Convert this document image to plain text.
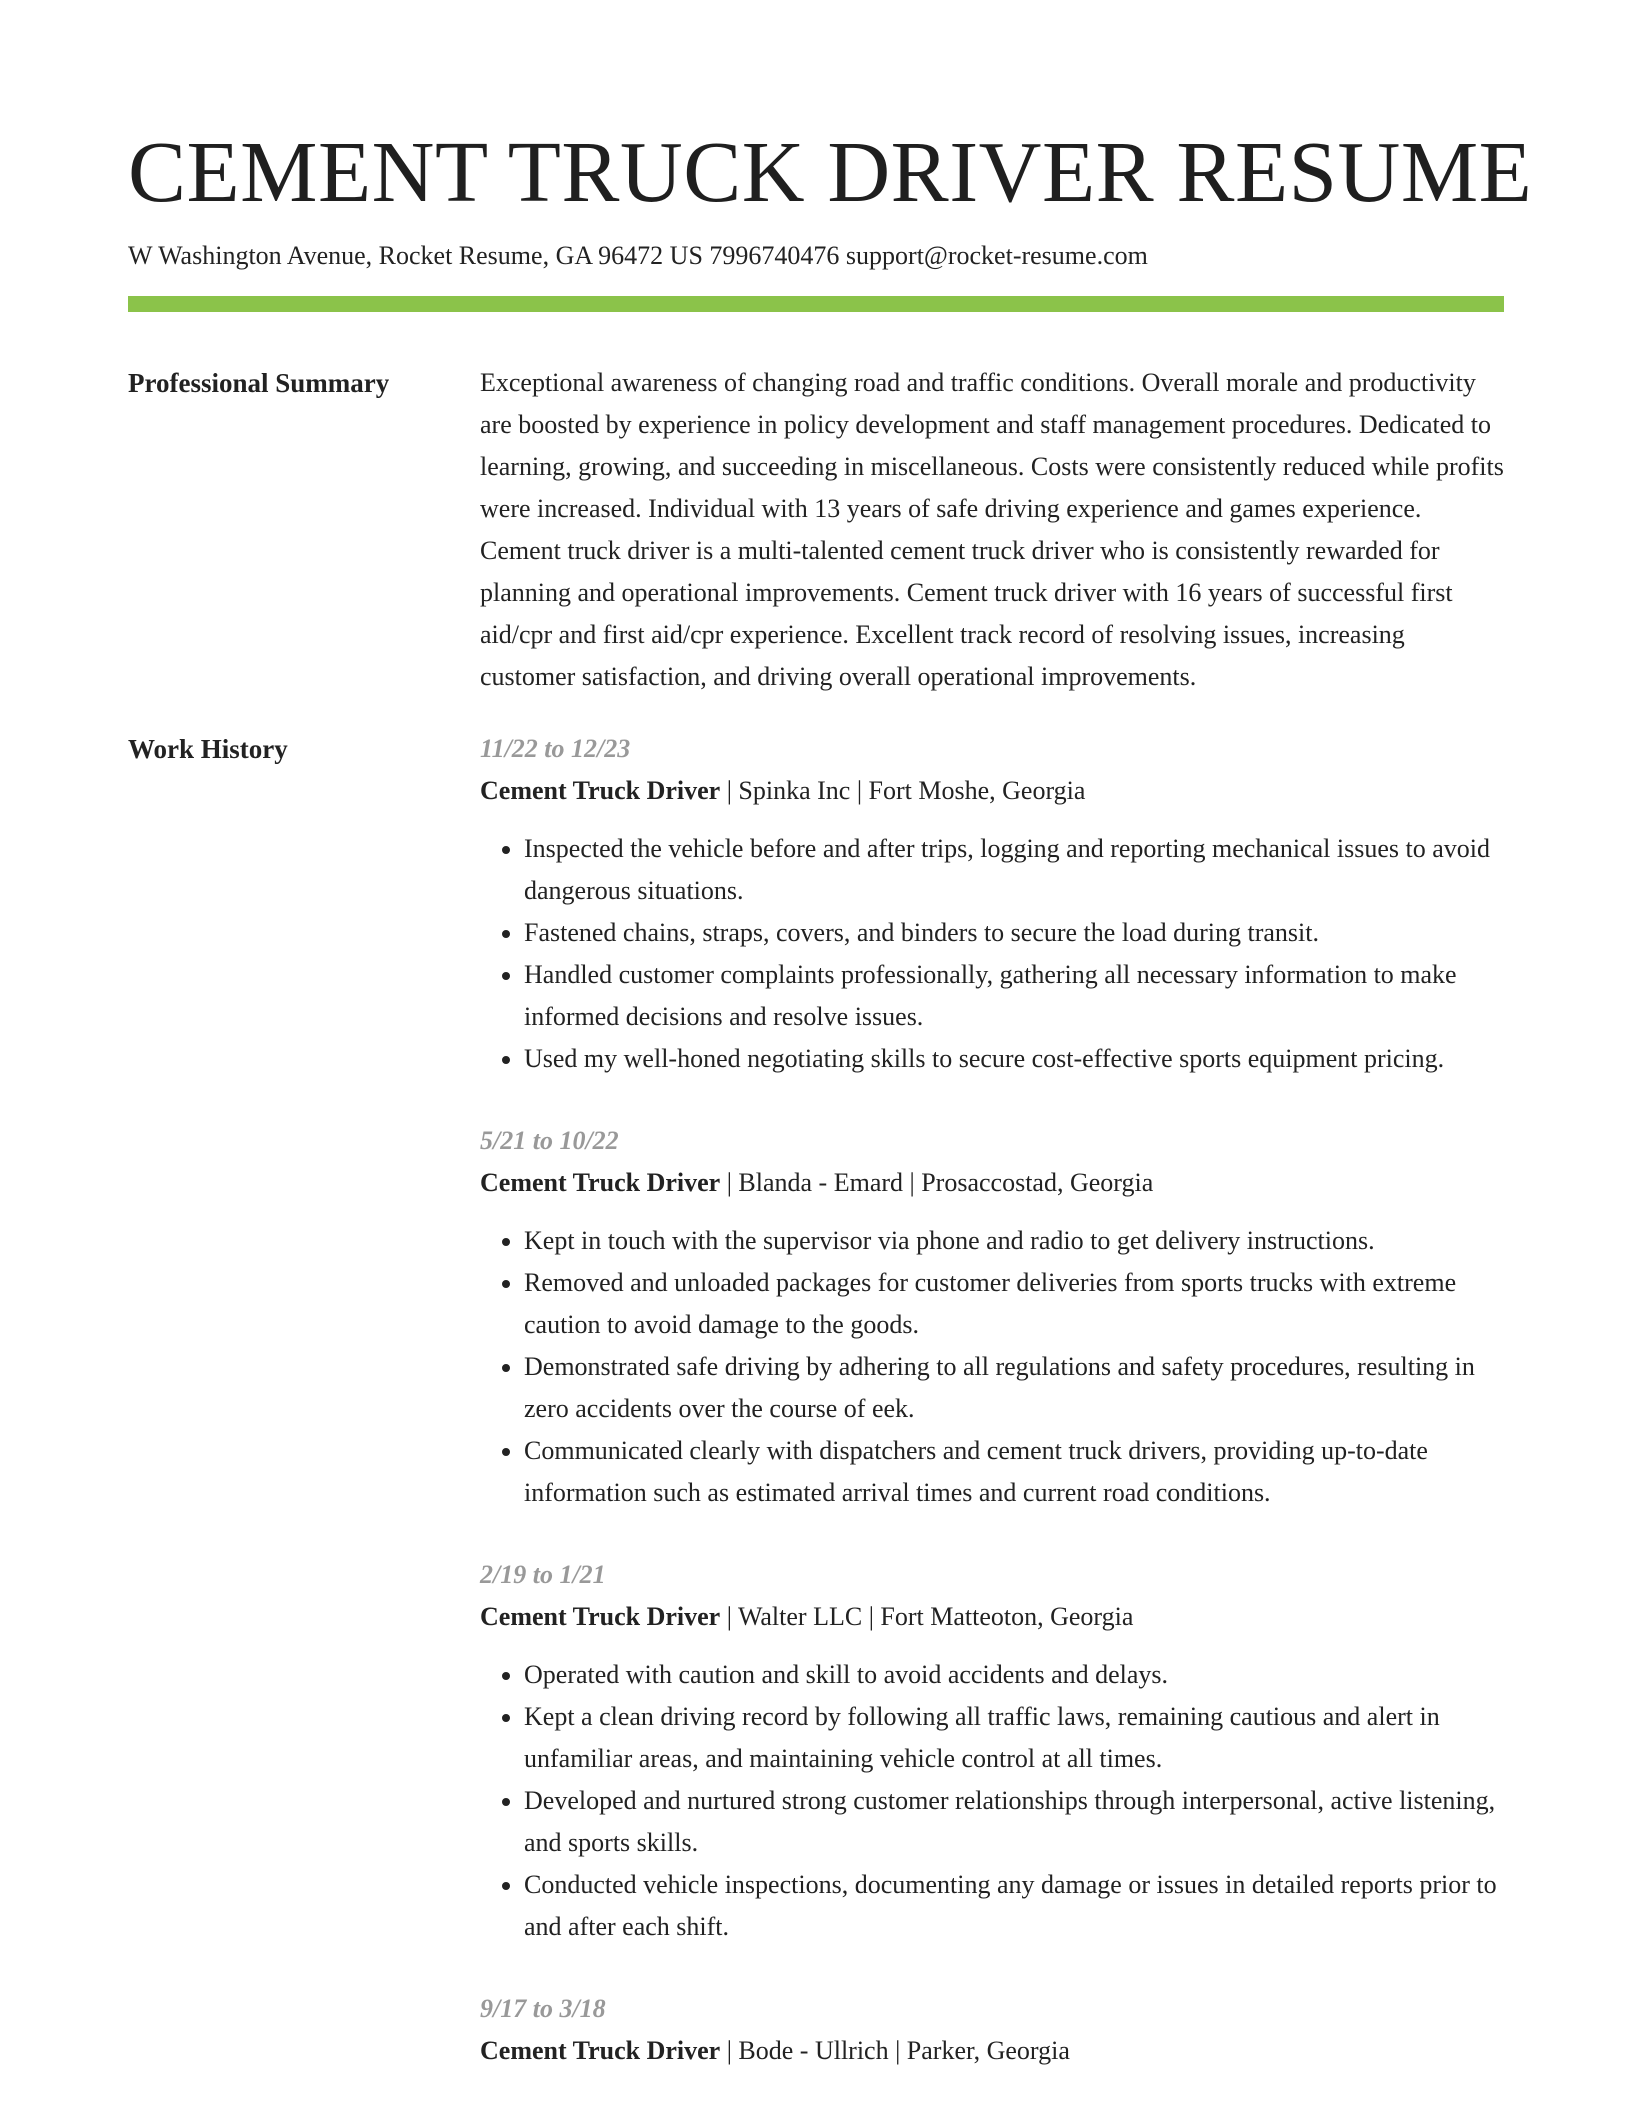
CEMENT TRUCK DRIVER RESUME
W Washington Avenue, Rocket Resume, GA 96472 US 7996740476 support@rocket-resume.com
Professional Summary	Exceptional awareness of changing road and traffic conditions. Overall morale and productivity are boosted by experience in policy development and staff management procedures. Dedicated to learning, growing, and succeeding in miscellaneous. Costs were consistently reduced while profits were increased. Individual with 13 years of safe driving experience and games experience. Cement truck driver is a multi-talented cement truck driver who is consistently rewarded for planning and operational improvements. Cement truck driver with 16 years of successful first aid/cpr and first aid/cpr experience. Excellent track record of resolving issues, increasing customer satisfaction, and driving overall operational improvements.

Work History	11/22 to 12/23
Cement Truck Driver | Spinka Inc | Fort Moshe, Georgia
• Inspected the vehicle before and after trips, logging and reporting mechanical issues to avoid dangerous situations.
• Fastened chains, straps, covers, and binders to secure the load during transit.
• Handled customer complaints professionally, gathering all necessary information to make informed decisions and resolve issues.
• Used my well-honed negotiating skills to secure cost-effective sports equipment pricing.
5/21 to 10/22
Cement Truck Driver | Blanda - Emard | Prosaccostad, Georgia
• Kept in touch with the supervisor via phone and radio to get delivery instructions.
• Removed and unloaded packages for customer deliveries from sports trucks with extreme caution to avoid damage to the goods.
• Demonstrated safe driving by adhering to all regulations and safety procedures, resulting in zero accidents over the course of eek.
• Communicated clearly with dispatchers and cement truck drivers, providing up-to-date information such as estimated arrival times and current road conditions.
2/19 to 1/21
Cement Truck Driver | Walter LLC | Fort Matteoton, Georgia
• Operated with caution and skill to avoid accidents and delays.
• Kept a clean driving record by following all traffic laws, remaining cautious and alert in unfamiliar areas, and maintaining vehicle control at all times.
• Developed and nurtured strong customer relationships through interpersonal, active listening, and sports skills.
• Conducted vehicle inspections, documenting any damage or issues in detailed reports prior to and after each shift.
9/17 to 3/18
Cement Truck Driver | Bode - Ullrich | Parker, Georgia
